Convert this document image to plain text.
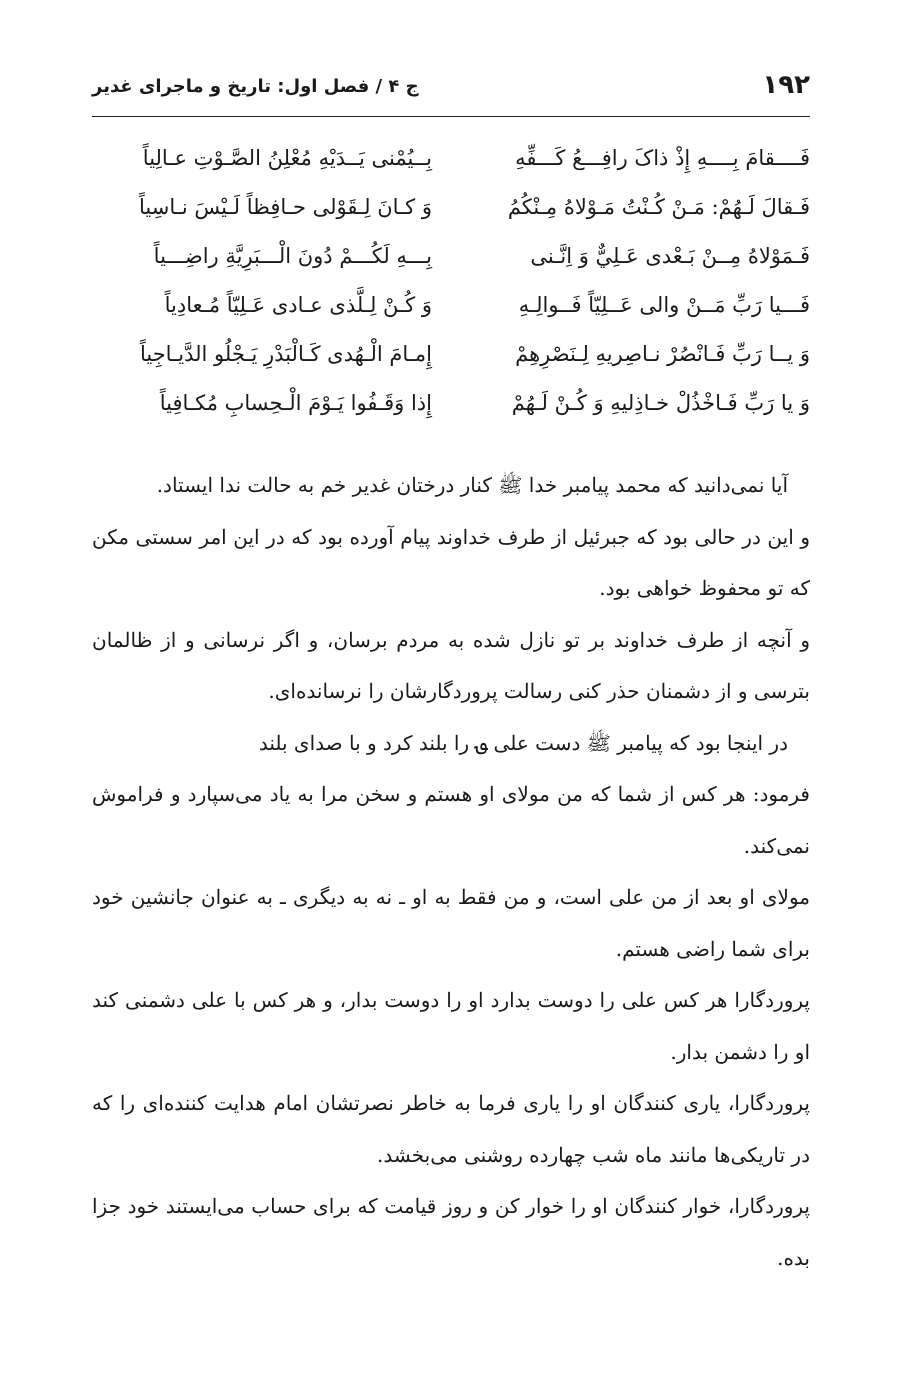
۱۹۲
ج ۴ / فصل اول: تاریخ و ماجرای غدیر
فَــــقامَ بِــــهِ إِذْ ذاکَ رافِـــعُ کَـــفِّهِ
بِــيُمْنى يَــدَيْهِ مُعْلِنُ الصَّـوْتِ عـالِياً
فَـقالَ لَـهُمْ: مَـنْ کُـنْتُ مَـوْلاهُ مِـنْکُمُ
وَ کـانَ لِـقَوْلى حـافِظاً لَـيْسَ نـاسِياً
فَـمَوْلاهُ مِــنْ بَـعْدى عَـلِيٌّ وَ اِنَّـنى
بِـــهِ لَکُـــمْ دُونَ الْـــبَرِيَّةِ راضِـــياً
فَـــيا رَبِّ مَــنْ والى عَــلِيّاً فَــوالِـهِ
وَ کُـنْ لِـلَّذى عـادى عَـلِيّاً مُـعادِياً
وَ يــا رَبِّ فَـانْصُرْ نـاصِريهِ لِـنَصْرِهِمْ
إِمـامَ الْـهُدى کَـالْبَدْرِ يَـجْلُو الدَّيـاجِياً
وَ يا رَبِّ فَـاخْذُلْ خـاذِليهِ وَ کُـنْ لَـهُمْ
إِذا وَقَـفُوا يَـوْمَ الْـحِسابِ مُکـافِياً

آیا نمی‌دانید که محمد پیامبر خدا ﷺ کنار درختان غدیر خم به حالت ندا ایستاد.

و این در حالی بود که جبرئیل از طرف خداوند پیام آورده بود که در این امر سستی مکن که تو محفوظ خواهی بود.

و آنچه از طرف خداوند بر تو نازل شده به مردم برسان، و اگر نرسانی و از ظالمان بترسی و از دشمنان حذر کنی رسالت پروردگارشان را نرسانده‌ای.

در اینجا بود که پیامبر ﷺ دست علی ؈ را بلند کرد و با صدای بلند

فرمود: هر کس از شما که من مولای او هستم و سخن مرا به یاد می‌سپارد و فراموش نمی‌کند.

مولای او بعد از من علی است، و من فقط به او ـ نه به دیگری ـ به عنوان جانشین خود برای شما راضی هستم.

پروردگارا هر کس علی را دوست بدارد او را دوست بدار، و هر کس با علی دشمنی کند او را دشمن بدار.

پروردگارا، یاری کنندگان او را یاری فرما به خاطر نصرتشان امام هدایت کننده‌ای را که در تاریکی‌ها مانند ماه شب چهارده روشنی می‌بخشد.

پروردگارا، خوار کنندگان او را خوار کن و روز قیامت که برای حساب می‌ایستند خود جزا بده.
